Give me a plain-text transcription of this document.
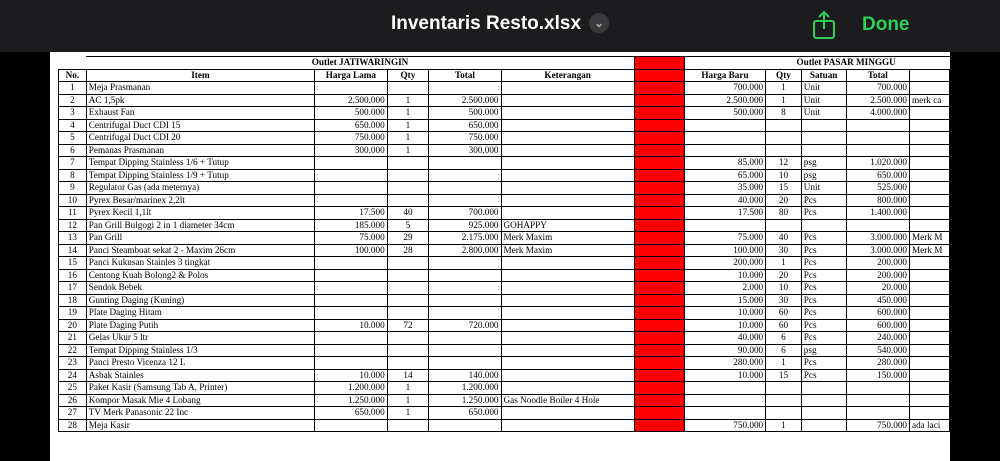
Inventaris Resto.xlsx ⌄	Done
	Outlet JATIWARINGIN						Outlet PASAR MINGGU				
No.	Item	Harga Lama	Qty	Total	Keterangan		Harga Baru	Qty	Satuan	Total	
1	Meja Prasmanan						700.000	1	Unit	700.000	
2	AC 1,5pk	2.500.000	1	2.500.000			2.500.000	1	Unit	2.500.000	merk ca
3	Exhaust Fan	500.000	1	500.000			500.000	8	Unit	4.000.000	
4	Centrifugal Duct CDI 15	650.000	1	650.000							
5	Centrifugal Duct CDI 20	750.000	1	750.000							
6	Pemanas Prasmanan	300.000	1	300.000							
7	Tempat Dipping Stainless 1/6 + Tutup						85.000	12	psg	1.020.000	
8	Tempat Dipping Stainless 1/9 + Tutup						65.000	10	psg	650.000	
9	Regulator Gas (ada meternya)						35.000	15	Unit	525.000	
10	Pyrex Besar/marinex 2,2lt						40.000	20	Pcs	800.000	
11	Pyrex Kecil 1,1lt	17.500	40	700.000			17.500	80	Pcs	1.400.000	
12	Pan Grill Bulgogi 2 in 1 diameter 34cm	185.000	5	925.000	GOHAPPY						
13	Pan Grill	75.000	29	2.175.000	Merk Maxim		75.000	40	Pcs	3.000.000	Merk M
14	Panci Steamboat sekat 2 - Maxim 26cm	100.000	28	2.800.000	Merk Maxim		100.000	30	Pcs	3.000.000	Merk M
15	Panci Kukusan Stainles 3 tingkat						200.000	1	Pcs	200.000	
16	Centong Kuah Bolong2 & Polos						10.000	20	Pcs	200.000	
17	Sendok Bebek						2.000	10	Pcs	20.000	
18	Gunting Daging (Kuning)						15.000	30	Pcs	450.000	
19	Plate Daging Hitam						10.000	60	Pcs	600.000	
20	Plate Daging Putih	10.000	72	720.000			10.000	60	Pcs	600.000	
21	Gelas Ukur 5 ltr						40.000	6	Pcs	240.000	
22	Tempat Dipping Stainless 1/3						90.000	6	psg	540.000	
23	Panci Presto Vicenza 12 L						280.000	1	Pcs	280.000	
24	Asbak Stainles	10.000	14	140.000			10.000	15	Pcs	150.000	
25	Paket Kasir (Samsung Tab A, Printer)	1.200.000	1	1.200.000							
26	Kompor Masak Mie 4 Lobang	1.250.000	1	1.250.000	Gas Noodle Boiler 4 Hole						
27	TV Merk Panasonic 22 Inc	650.000	1	650.000							
28	Meja Kasir						750.000	1		750.000	ada laci
